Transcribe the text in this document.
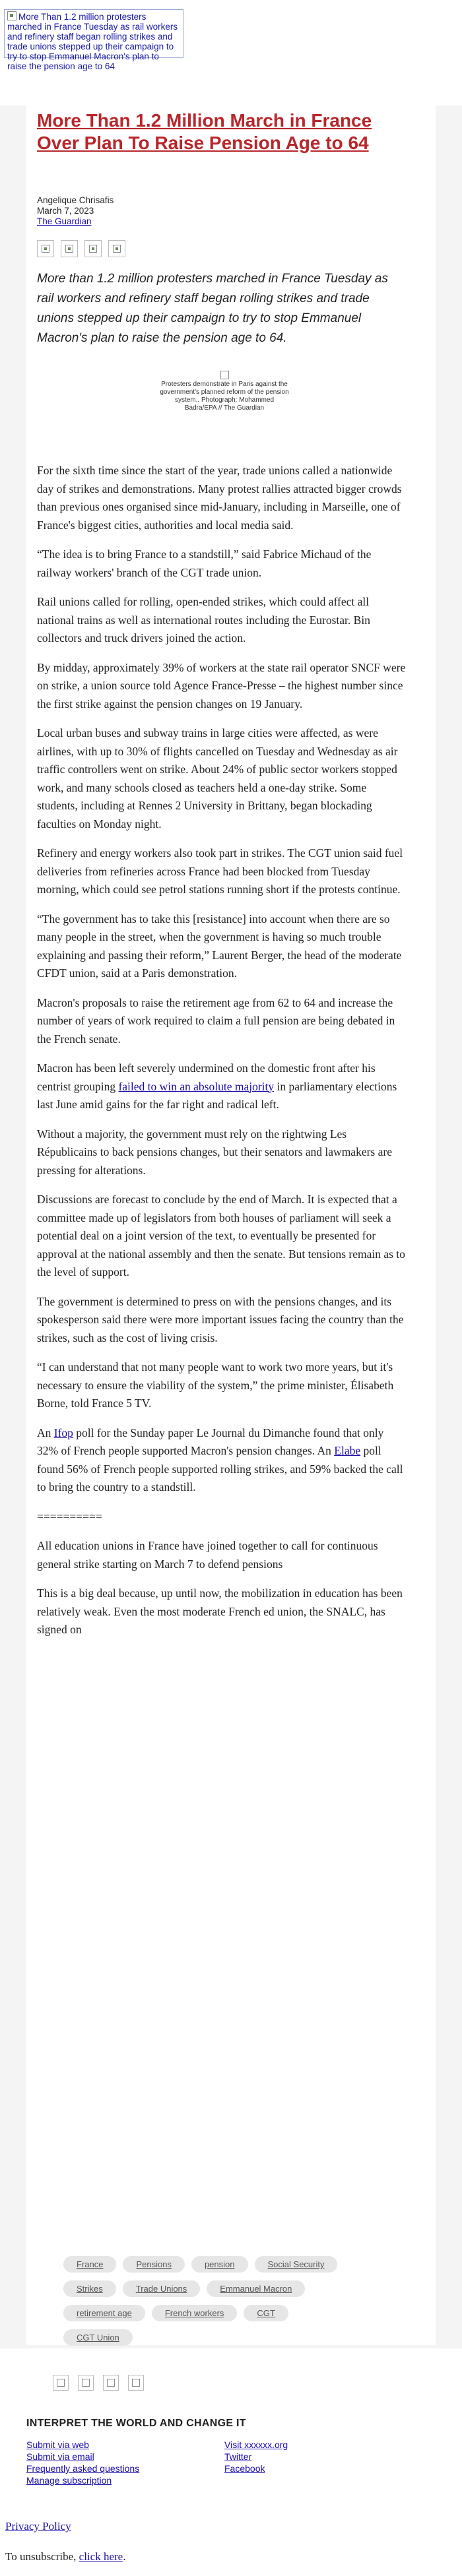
More Than 1.2 million protesters marched in France Tuesday as rail workers and refinery staff began rolling strikes and trade unions stepped up their campaign to try to stop Emmanuel Macron's plan to raise the pension age to 64
More Than 1.2 Million March in France Over Plan To Raise Pension Age to 64
Angelique Chrisafis
March 7, 2023
The Guardian

More than 1.2 million protesters marched in France Tuesday as rail workers and refinery staff began rolling strikes and trade unions stepped up their campaign to try to stop Emmanuel Macron's plan to raise the pension age to 64.

Protesters demonstrate in Paris against the government's planned reform of the pension system.. Photograph: Mohammed Badra/EPA // The Guardian

For the sixth time since the start of the year, trade unions called a nationwide day of strikes and demonstrations. Many protest rallies attracted bigger crowds than previous ones organised since mid-January, including in Marseille, one of France's biggest cities, authorities and local media said.

“The idea is to bring France to a standstill,” said Fabrice Michaud of the railway workers' branch of the CGT trade union.

Rail unions called for rolling, open-ended strikes, which could affect all national trains as well as international routes including the Eurostar. Bin collectors and truck drivers joined the action.

By midday, approximately 39% of workers at the state rail operator SNCF were on strike, a union source told Agence France-Presse – the highest number since the first strike against the pension changes on 19 January.

Local urban buses and subway trains in large cities were affected, as were airlines, with up to 30% of flights cancelled on Tuesday and Wednesday as air traffic controllers went on strike. About 24% of public sector workers stopped work, and many schools closed as teachers held a one-day strike. Some students, including at Rennes 2 University in Brittany, began blockading faculties on Monday night.

Refinery and energy workers also took part in strikes. The CGT union said fuel deliveries from refineries across France had been blocked from Tuesday morning, which could see petrol stations running short if the protests continue.

“The government has to take this [resistance] into account when there are so many people in the street, when the government is having so much trouble explaining and passing their reform,” Laurent Berger, the head of the moderate CFDT union, said at a Paris demonstration.

Macron's proposals to raise the retirement age from 62 to 64 and increase the number of years of work required to claim a full pension are being debated in the French senate.

Macron has been left severely undermined on the domestic front after his centrist grouping failed to win an absolute majority in parliamentary elections last June amid gains for the far right and radical left.

Without a majority, the government must rely on the rightwing Les Républicains to back pensions changes, but their senators and lawmakers are pressing for alterations.

Discussions are forecast to conclude by the end of March. It is expected that a committee made up of legislators from both houses of parliament will seek a potential deal on a joint version of the text, to eventually be presented for approval at the national assembly and then the senate. But tensions remain as to the level of support.

The government is determined to press on with the pensions changes, and its spokesperson said there were more important issues facing the country than the strikes, such as the cost of living crisis.

“I can understand that not many people want to work two more years, but it's necessary to ensure the viability of the system,” the prime minister, Élisabeth Borne, told France 5 TV.

An Ifop poll for the Sunday paper Le Journal du Dimanche found that only 32% of French people supported Macron's pension changes. An Elabe poll found 56% of French people supported rolling strikes, and 59% backed the call to bring the country to a standstill.

==========

All education unions in France have joined together to call for continuous general strike starting on March 7 to defend pensions

This is a big deal because, up until now, the mobilization in education has been relatively weak. Even the most moderate French ed union, the SNALC, has signed on

France	Pensions	pension	Social Security
Strikes	Trade Unions	Emmanuel Macron
retirement age	French workers	CGT
CGT Union
INTERPRET THE WORLD AND CHANGE IT
Submit via web
Submit via email
Frequently asked questions
Manage subscription
Visit xxxxxx.org
Twitter
Facebook
Privacy Policy
To unsubscribe, click here.
